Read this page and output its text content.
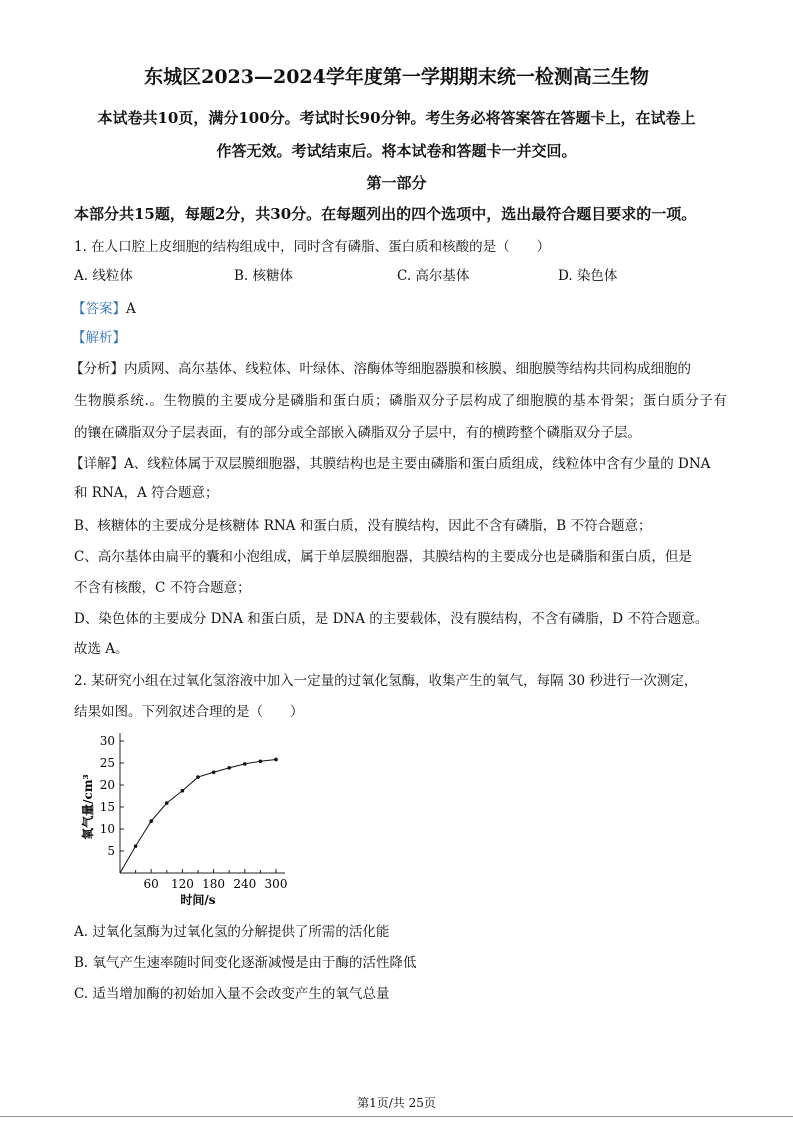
东城区2023—2024学年度第一学期期末统一检测高三生物
本试卷共10页，满分100分。考试时长90分钟。考生务必将答案答在答题卡上，在试卷上
作答无效。考试结束后。将本试卷和答题卡一并交回。
第一部分
本部分共15题，每题2分，共30分。在每题列出的四个选项中，选出最符合题目要求的一项。
1. 在人口腔上皮细胞的结构组成中，同时含有磷脂、蛋白质和核酸的是（　　）
A. 线粒体	B. 核糖体	C. 高尔基体	D. 染色体
【答案】A
【解析】
【分析】内质网、高尔基体、线粒体、叶绿体、溶酶体等细胞器膜和核膜、细胞膜等结构共同构成细胞的
生物膜系统.。生物膜的主要成分是磷脂和蛋白质；磷脂双分子层构成了细胞膜的基本骨架；蛋白质分子有
的镶在磷脂双分子层表面，有的部分或全部嵌入磷脂双分子层中，有的横跨整个磷脂双分子层。
【详解】A、线粒体属于双层膜细胞器，其膜结构也是主要由磷脂和蛋白质组成，线粒体中含有少量的 DNA
和 RNA，A 符合题意；
B、核糖体的主要成分是核糖体 RNA 和蛋白质，没有膜结构，因此不含有磷脂，B 不符合题意；
C、高尔基体由扁平的囊和小泡组成，属于单层膜细胞器，其膜结构的主要成分也是磷脂和蛋白质，但是
不含有核酸，C 不符合题意；
D、染色体的主要成分 DNA 和蛋白质，是 DNA 的主要载体，没有膜结构，不含有磷脂，D 不符合题意。
故选 A。
2. 某研究小组在过氧化氢溶液中加入一定量的过氧化氢酶，收集产生的氧气，每隔 30 秒进行一次测定，
结果如图。下列叙述合理的是（　　）
5
10
15
20
25
30
60 120 180 240 300
时间/s
氧气量/cm³
A. 过氧化氢酶为过氧化氢的分解提供了所需的活化能
B. 氧气产生速率随时间变化逐渐减慢是由于酶的活性降低
C. 适当增加酶的初始加入量不会改变产生的氧气总量
第1页/共 25页
